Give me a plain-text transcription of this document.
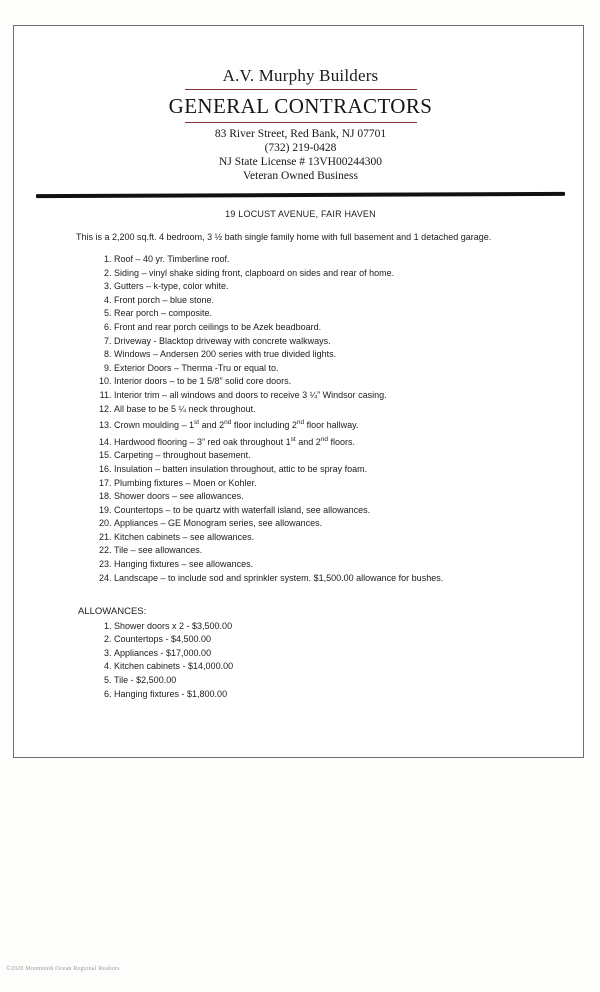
A.V. Murphy Builders
GENERAL CONTRACTORS
83 River Street, Red Bank, NJ 07701
(732) 219-0428
NJ State License # 13VH00244300
Veteran Owned Business
19 LOCUST AVENUE, FAIR HAVEN
This is a 2,200 sq.ft. 4 bedroom, 3 ½ bath single family home with full basement and 1 detached garage.
1. Roof – 40 yr. Timberline roof.
2. Siding – vinyl shake siding front, clapboard on sides and rear of home.
3. Gutters – k-type, color white.
4. Front porch – blue stone.
5. Rear porch – composite.
6. Front and rear porch ceilings to be Azek beadboard.
7. Driveway - Blacktop driveway with concrete walkways.
8. Windows – Andersen 200 series with true divided lights.
9. Exterior Doors – Therma -Tru or equal to.
10. Interior doors – to be 1 5/8” solid core doors.
11. Interior trim – all windows and doors to receive 3 ¼” Windsor casing.
12. All base to be 5 ¼ neck throughout.
13. Crown moulding – 1st and 2nd floor including 2nd floor hallway.
14. Hardwood flooring – 3” red oak throughout 1st and 2nd floors.
15. Carpeting – throughout basement.
16. Insulation – batten insulation throughout, attic to be spray foam.
17. Plumbing fixtures – Moen or Kohler.
18. Shower doors – see allowances.
19. Countertops – to be quartz with waterfall island, see allowances.
20. Appliances – GE Monogram series, see allowances.
21. Kitchen cabinets – see allowances.
22. Tile – see allowances.
23. Hanging fixtures – see allowances.
24. Landscape – to include sod and sprinkler system. $1,500.00 allowance for bushes.
ALLOWANCES:
1. Shower doors x 2 - $3,500.00
2. Countertops - $4,500.00
3. Appliances - $17,000.00
4. Kitchen cabinets - $14,000.00
5. Tile - $2,500.00
6. Hanging fixtures - $1,800.00
©2020 Monmouth Ocean Regional Realtors
